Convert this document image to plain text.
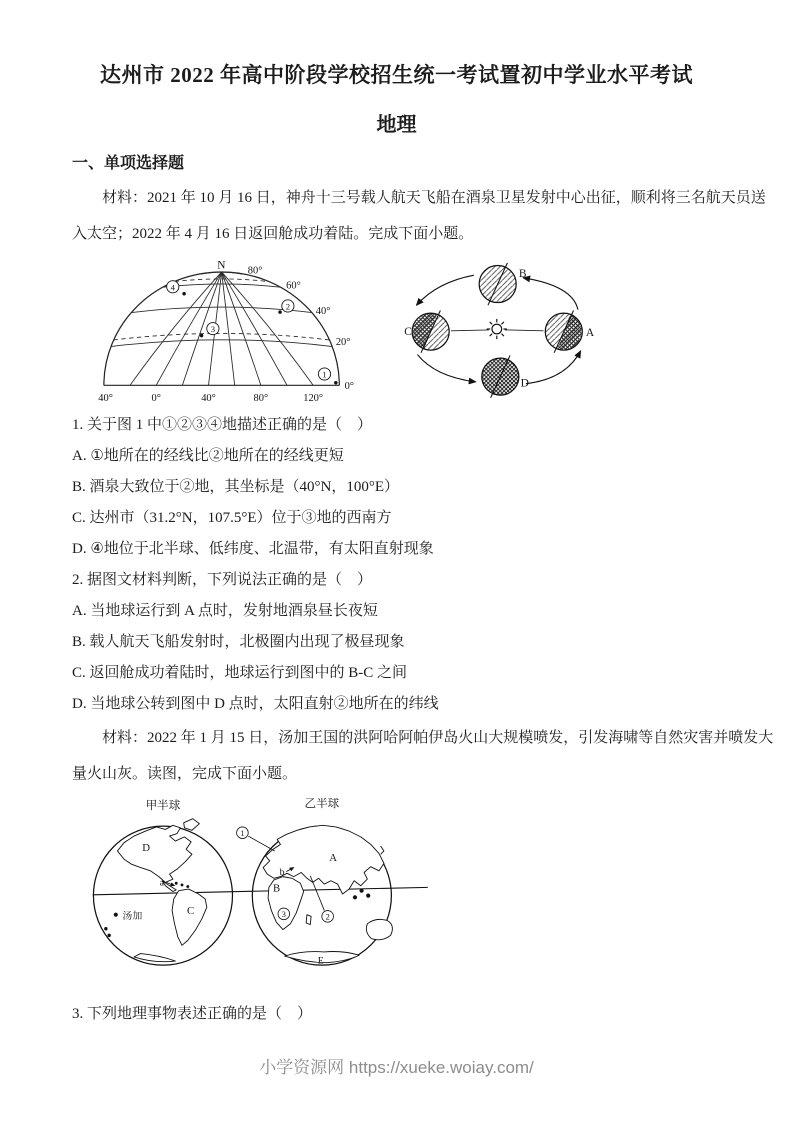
达州市 2022 年高中阶段学校招生统一考试置初中学业水平考试
地理
一、单项选择题

材料：2021 年 10 月 16 日，神舟十三号载人航天飞船在酒泉卫星发射中心出征，顺利将三名航天员送

入太空；2022 年 4 月 16 日返回舱成功着陆。完成下面小题。

N 80°
60°
40°
20°
0°
40°	0°	40°	80°	120°
4
2
3
1
B
C	A
D

1. 关于图 1 中①②③④地描述正确的是（　）

A. ①地所在的经线比②地所在的经线更短

B. 酒泉大致位于②地，其坐标是（40°N，100°E）

C. 达州市（31.2°N，107.5°E）位于③地的西南方

D. ④地位于北半球、低纬度、北温带，有太阳直射现象

2. 据图文材料判断，下列说法正确的是（　）

A. 当地球运行到 A 点时，发射地酒泉昼长夜短

B. 载人航天飞船发射时，北极圈内出现了极昼现象

C. 返回舱成功着陆时，地球运行到图中的 B-C 之间

D. 当地球公转到图中 D 点时，太阳直射②地所在的纬线

材料：2022 年 1 月 15 日，汤加王国的洪阿哈阿帕伊岛火山大规模喷发，引发海啸等自然灾害并喷发大

量火山灰。读图，完成下面小题。

甲半球	乙半球
D
C
a
汤加
1
A
b
B
3	2
E

3. 下列地理事物表述正确的是（　）

小学资源网 https://xueke.woiay.com/
